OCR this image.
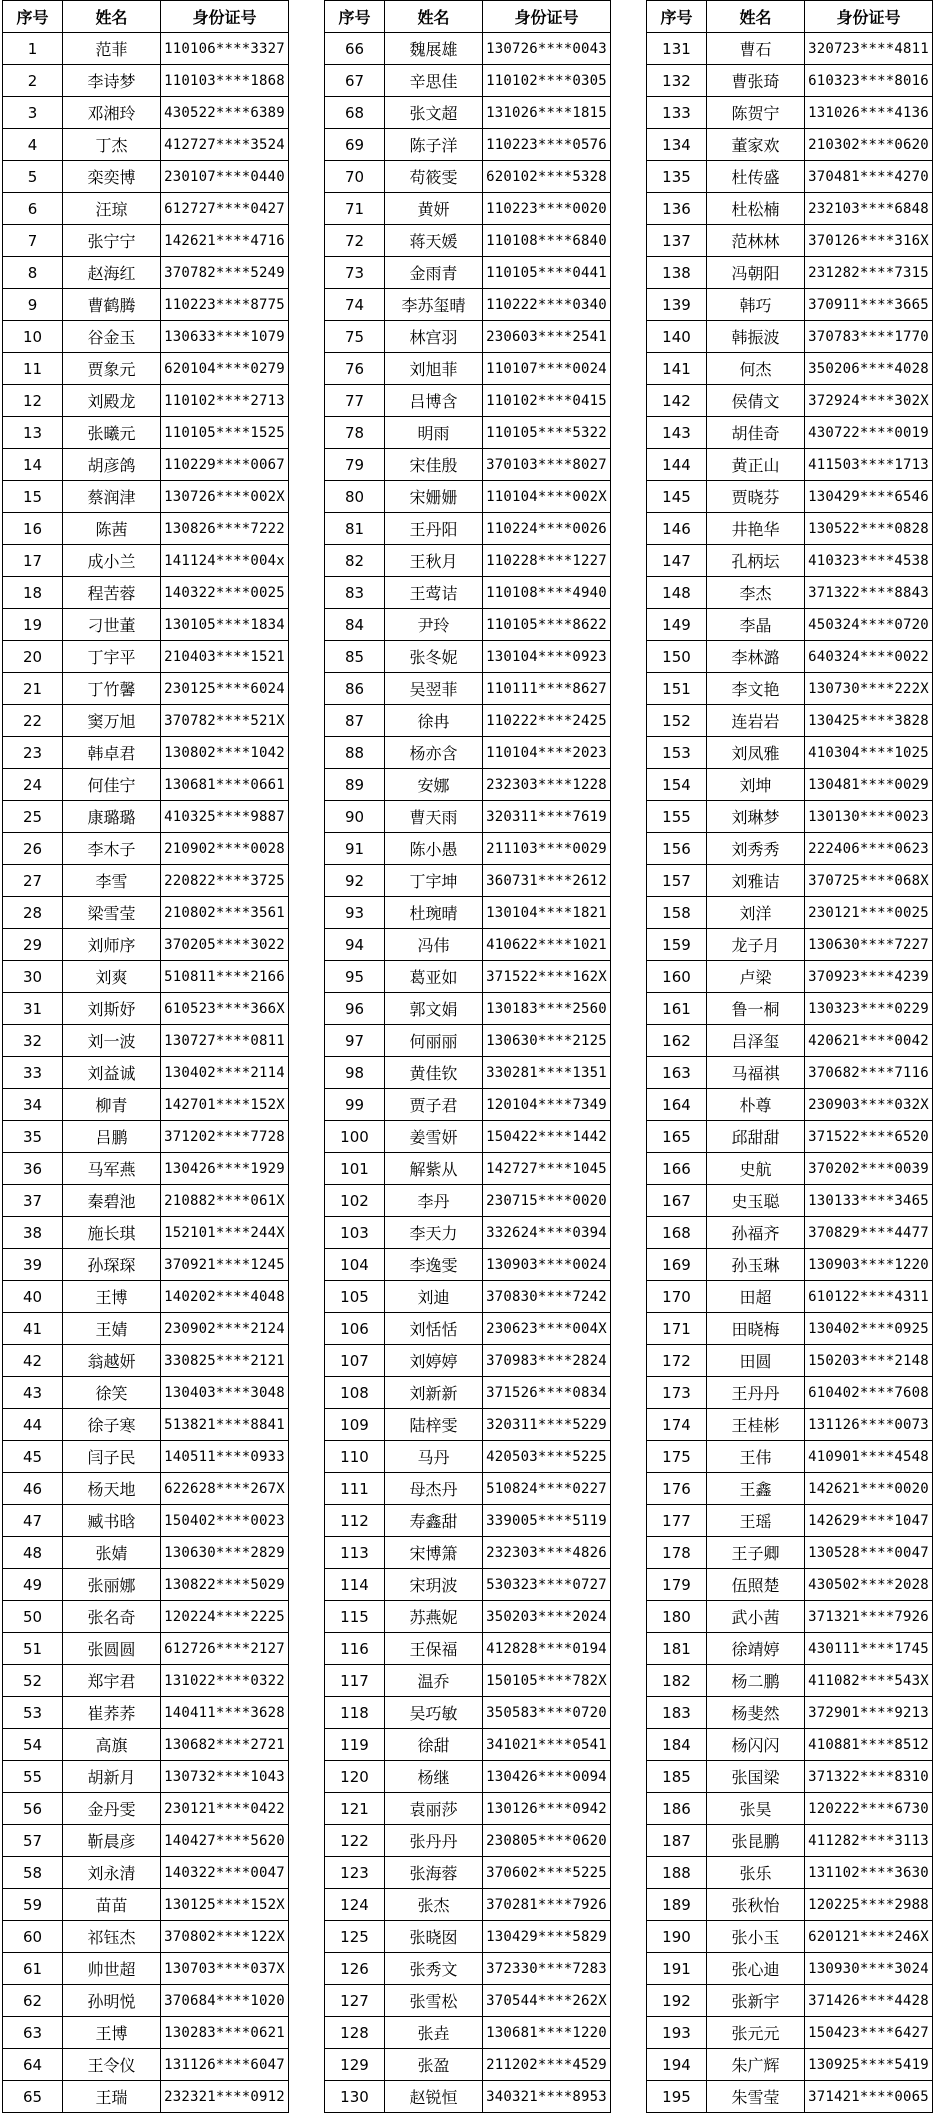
序号	姓名	身份证号
1	范菲	110106****3327
2	李诗梦	110103****1868
3	邓湘玲	430522****6389
4	丁杰	412727****3524
5	栾奕博	230107****0440
6	汪琼	612727****0427
7	张宁宁	142621****4716
8	赵海红	370782****5249
9	曹鹤腾	110223****8775
10	谷金玉	130633****1079
11	贾象元	620104****0279
12	刘殿龙	110102****2713
13	张曦元	110105****1525
14	胡彦鸽	110229****0067
15	蔡润津	130726****002X
16	陈茜	130826****7222
17	成小兰	141124****004x
18	程苦蓉	140322****0025
19	刁世董	130105****1834
20	丁宇平	210403****1521
21	丁竹馨	230125****6024
22	窦万旭	370782****521X
23	韩卓君	130802****1042
24	何佳宁	130681****0661
25	康璐璐	410325****9887
26	李木子	210902****0028
27	李雪	220822****3725
28	梁雪莹	210802****3561
29	刘师序	370205****3022
30	刘爽	510811****2166
31	刘斯妤	610523****366X
32	刘一波	130727****0811
33	刘益诚	130402****2114
34	柳青	142701****152X
35	吕鹏	371202****7728
36	马军燕	130426****1929
37	秦碧池	210882****061X
38	施长琪	152101****244X
39	孙琛琛	370921****1245
40	王博	140202****4048
41	王婧	230902****2124
42	翁越妍	330825****2121
43	徐笑	130403****3048
44	徐子寒	513821****8841
45	闫子民	140511****0933
46	杨天地	622628****267X
47	臧书晗	150402****0023
48	张婧	130630****2829
49	张丽娜	130822****5029
50	张名奇	120224****2225
51	张圆圆	612726****2127
52	郑宇君	131022****0322
53	崔荞荞	140411****3628
54	高旗	130682****2721
55	胡新月	130732****1043
56	金丹雯	230121****0422
57	靳晨彦	140427****5620
58	刘永清	140322****0047
59	苗苗	130125****152X
60	祁钰杰	370802****122X
61	帅世超	130703****037X
62	孙明悦	370684****1020
63	王博	130283****0621
64	王令仪	131126****6047
65	王瑞	232321****0912
序号	姓名	身份证号
66	魏展雄	130726****0043
67	辛思佳	110102****0305
68	张文超	131026****1815
69	陈子洋	110223****0576
70	苟筱雯	620102****5328
71	黄妍	110223****0020
72	蒋天媛	110108****6840
73	金雨青	110105****0441
74	李苏玺晴	110222****0340
75	林宫羽	230603****2541
76	刘旭菲	110107****0024
77	吕博含	110102****0415
78	明雨	110105****5322
79	宋佳殷	370103****8027
80	宋姗姗	110104****002X
81	王丹阳	110224****0026
82	王秋月	110228****1227
83	王莺诘	110108****4940
84	尹玲	110105****8622
85	张冬妮	130104****0923
86	吴翌菲	110111****8627
87	徐冉	110222****2425
88	杨亦含	110104****2023
89	安娜	232303****1228
90	曹天雨	320311****7619
91	陈小愚	211103****0029
92	丁宇坤	360731****2612
93	杜琬晴	130104****1821
94	冯伟	410622****1021
95	葛亚如	371522****162X
96	郭文娟	130183****2560
97	何丽丽	130630****2125
98	黄佳钦	330281****1351
99	贾子君	120104****7349
100	姜雪妍	150422****1442
101	解紫从	142727****1045
102	李丹	230715****0020
103	李天力	332624****0394
104	李逸雯	130903****0024
105	刘迪	370830****7242
106	刘恬恬	230623****004X
107	刘婷婷	370983****2824
108	刘新新	371526****0834
109	陆梓雯	320311****5229
110	马丹	420503****5225
111	母杰丹	510824****0227
112	寿鑫甜	339005****5119
113	宋博箫	232303****4826
114	宋玥波	530323****0727
115	苏燕妮	350203****2024
116	王保福	412828****0194
117	温乔	150105****782X
118	吴巧敏	350583****0720
119	徐甜	341021****0541
120	杨继	130426****0094
121	袁丽莎	130126****0942
122	张丹丹	230805****0620
123	张海蓉	370602****5225
124	张杰	370281****7926
125	张晓囡	130429****5829
126	张秀文	372330****7283
127	张雪松	370544****262X
128	张垚	130681****1220
129	张盈	211202****4529
130	赵锐恒	340321****8953
序号	姓名	身份证号
131	曹石	320723****4811
132	曹张琦	610323****8016
133	陈贺宁	131026****4136
134	董家欢	210302****0620
135	杜传盛	370481****4270
136	杜松楠	232103****6848
137	范林林	370126****316X
138	冯朝阳	231282****7315
139	韩巧	370911****3665
140	韩振波	370783****1770
141	何杰	350206****4028
142	侯倩文	372924****302X
143	胡佳奇	430722****0019
144	黄正山	411503****1713
145	贾晓芬	130429****6546
146	井艳华	130522****0828
147	孔柄坛	410323****4538
148	李杰	371322****8843
149	李晶	450324****0720
150	李林潞	640324****0022
151	李文艳	130730****222X
152	连岩岩	130425****3828
153	刘凤雅	410304****1025
154	刘坤	130481****0029
155	刘琳梦	130130****0023
156	刘秀秀	222406****0623
157	刘雅诘	370725****068X
158	刘洋	230121****0025
159	龙子月	130630****7227
160	卢梁	370923****4239
161	鲁一桐	130323****0229
162	吕泽玺	420621****0042
163	马福祺	370682****7116
164	朴尊	230903****032X
165	邱甜甜	371522****6520
166	史航	370202****0039
167	史玉聪	130133****3465
168	孙福齐	370829****4477
169	孙玉琳	130903****1220
170	田超	610122****4311
171	田晓梅	130402****0925
172	田圆	150203****2148
173	王丹丹	610402****7608
174	王桂彬	131126****0073
175	王伟	410901****4548
176	王鑫	142621****0020
177	王瑶	142629****1047
178	王子卿	130528****0047
179	伍照楚	430502****2028
180	武小茜	371321****7926
181	徐靖婷	430111****1745
182	杨二鹏	411082****543X
183	杨斐然	372901****9213
184	杨闪闪	410881****8512
185	张国梁	371322****8310
186	张昊	120222****6730
187	张昆鹏	411282****3113
188	张乐	131102****3630
189	张秋怡	120225****2988
190	张小玉	620121****246X
191	张心迪	130930****3024
192	张新宇	371426****4428
193	张元元	150423****6427
194	朱广辉	130925****5419
195	朱雪莹	371421****0065
